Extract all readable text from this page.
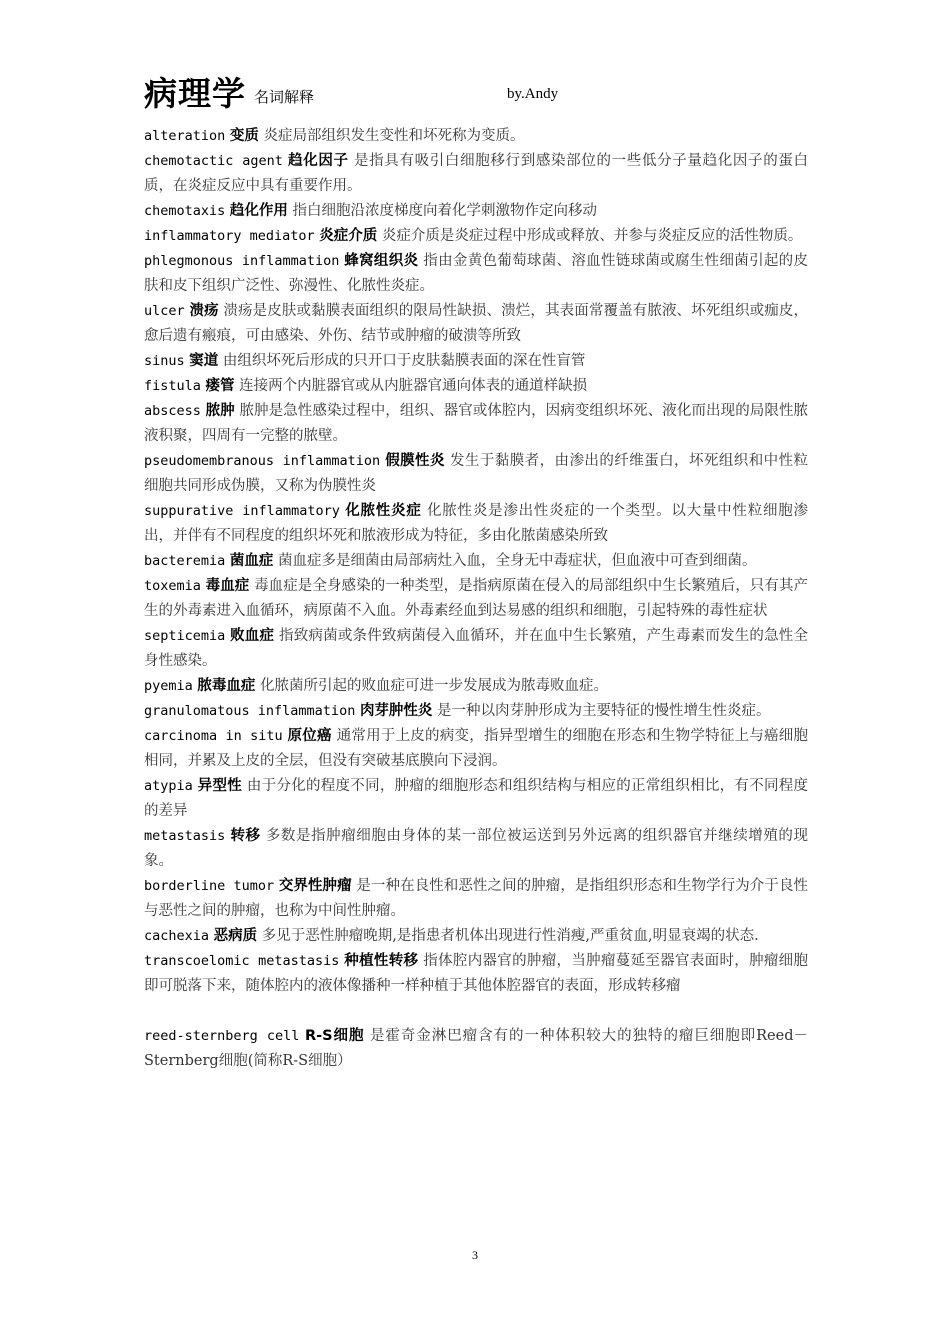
病理学 名词解释	by.Andy

alteration 变质 炎症局部组织发生变性和坏死称为变质。

chemotactic agent 趋化因子 是指具有吸引白细胞移行到感染部位的一些低分子量趋化因子的蛋白质，在炎症反应中具有重要作用。

chemotaxis 趋化作用 指白细胞沿浓度梯度向着化学刺激物作定向移动

inflammatory mediator 炎症介质 炎症介质是炎症过程中形成或释放、并参与炎症反应的活性物质。

phlegmonous inflammation 蜂窝组织炎 指由金黄色葡萄球菌、溶血性链球菌或腐生性细菌引起的皮肤和皮下组织广泛性、弥漫性、化脓性炎症。

ulcer 溃疡 溃疡是皮肤或黏膜表面组织的限局性缺损、溃烂，其表面常覆盖有脓液、坏死组织或痂皮，愈后遗有瘢痕，可由感染、外伤、结节或肿瘤的破溃等所致

sinus 窦道 由组织坏死后形成的只开口于皮肤黏膜表面的深在性盲管

fistula 瘘管 连接两个内脏器官或从内脏器官通向体表的通道样缺损

abscess 脓肿 脓肿是急性感染过程中，组织、器官或体腔内，因病变组织坏死、液化而出现的局限性脓液积聚，四周有一完整的脓壁。

pseudomembranous inflammation 假膜性炎 发生于黏膜者，由渗出的纤维蛋白，坏死组织和中性粒细胞共同形成伪膜，又称为伪膜性炎

suppurative inflammatory 化脓性炎症 化脓性炎是渗出性炎症的一个类型。以大量中性粒细胞渗出，并伴有不同程度的组织坏死和脓液形成为特征，多由化脓菌感染所致

bacteremia 菌血症 菌血症多是细菌由局部病灶入血，全身无中毒症状，但血液中可查到细菌。

toxemia 毒血症 毒血症是全身感染的一种类型，是指病原菌在侵入的局部组织中生长繁殖后，只有其产生的外毒素进入血循环，病原菌不入血。外毒素经血到达易感的组织和细胞，引起特殊的毒性症状

septicemia 败血症 指致病菌或条件致病菌侵入血循环，并在血中生长繁殖，产生毒素而发生的急性全身性感染。

pyemia 脓毒血症 化脓菌所引起的败血症可进一步发展成为脓毒败血症。

granulomatous inflammation 肉芽肿性炎 是一种以肉芽肿形成为主要特征的慢性增生性炎症。

carcinoma in situ 原位癌 通常用于上皮的病变，指异型增生的细胞在形态和生物学特征上与癌细胞相同，并累及上皮的全层，但没有突破基底膜向下浸润。

atypia 异型性 由于分化的程度不同，肿瘤的细胞形态和组织结构与相应的正常组织相比，有不同程度的差异

metastasis 转移 多数是指肿瘤细胞由身体的某一部位被运送到另外远离的组织器官并继续增殖的现象。

borderline tumor 交界性肿瘤 是一种在良性和恶性之间的肿瘤，是指组织形态和生物学行为介于良性与恶性之间的肿瘤，也称为中间性肿瘤。

cachexia 恶病质 多见于恶性肿瘤晚期,是指患者机体出现进行性消瘦,严重贫血,明显衰竭的状态.

transcoelomic metastasis 种植性转移 指体腔内器官的肿瘤，当肿瘤蔓延至器官表面时，肿瘤细胞即可脱落下来，随体腔内的液体像播种一样种植于其他体腔器官的表面，形成转移瘤

reed-sternberg cell R-S细胞 是霍奇金淋巴瘤含有的一种体积较大的独特的瘤巨细胞即Reed－Sternberg细胞(简称R-S细胞）

3
